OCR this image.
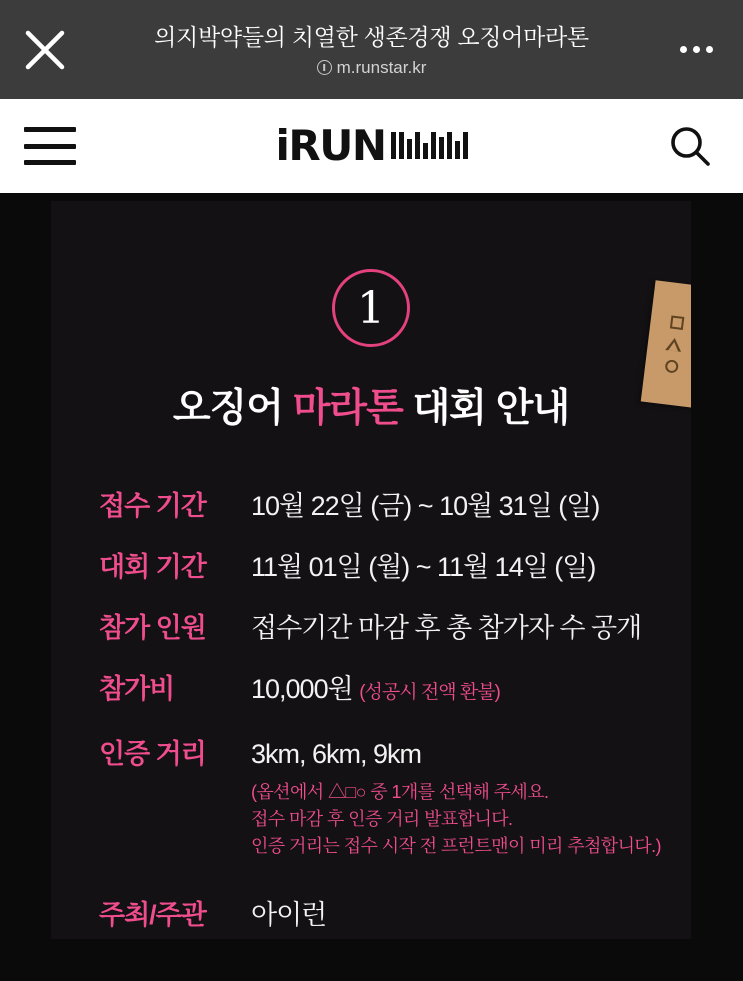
의지박약들의 치열한 생존경쟁 오징어마라톤
m.runstar.kr
iRUN
1
오징어 마라톤 대회 안내
접수 기간	10월 22일 (금) ~ 10월 31일 (일)
대회 기간	11월 01일 (월) ~ 11월 14일 (일)
참가 인원	접수기간 마감 후 총 참가자 수 공개
참가비	10,000원 (성공시 전액 환불)
인증 거리	3km, 6km, 9km
(옵션에서 △□○ 중 1개를 선택해 주세요.
접수 마감 후 인증 거리 발표합니다.
인증 거리는 접수 시작 전 프런트맨이 미리 추첨합니다.)
주최/주관	아이런
